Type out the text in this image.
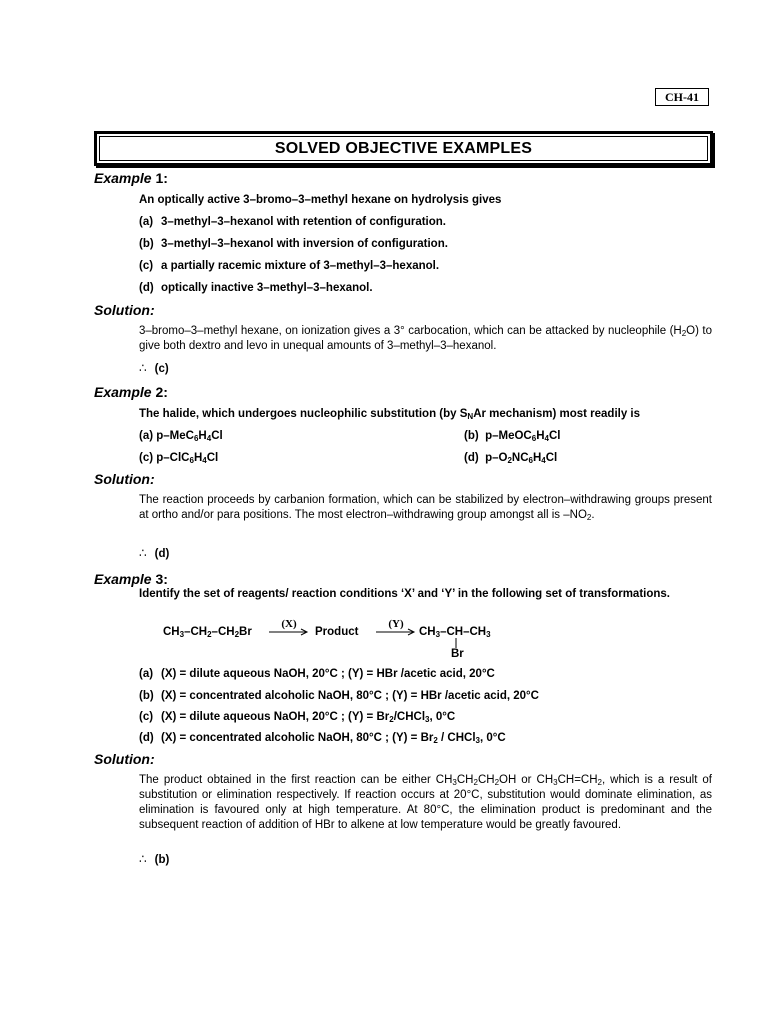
CH-41
SOLVED OBJECTIVE EXAMPLES
Example 1:
An optically active 3–bromo–3–methyl hexane on hydrolysis gives
(a) 3–methyl–3–hexanol with retention of configuration.
(b) 3–methyl–3–hexanol with inversion of configuration.
(c) a partially racemic mixture of 3–methyl–3–hexanol.
(d) optically inactive 3–methyl–3–hexanol.
Solution:
3–bromo–3–methyl hexane, on ionization gives a 3° carbocation, which can be attacked by nucleophile $(H_2O)$ to give both dextro and levo in unequal amounts of 3–methyl–3–hexanol.
∴ (c)
Example 2:
The halide, which undergoes nucleophilic substitution (by $S_NAr$ mechanism) most readily is
(a) $p-MeC_6H_4Cl$	(b) $p-MeOC_6H_4Cl$
(c) $p-ClC_6H_4Cl$	(d) $p-O_2NC_6H_4Cl$
Solution:
The reaction proceeds by carbanion formation, which can be stabilized by electron–withdrawing groups present at ortho and/or para positions. The most electron–withdrawing group amongst all is $-NO_2$.
∴ (d)
Example 3:
Identify the set of reagents/ reaction conditions ‘X’ and ‘Y’ in the following set of transformations.
$CH_3-CH_2-CH_2Br$
(X)
→ Product
(Y)
→ $CH_3-CH-CH_3$
Br
(a) (X) = dilute aqueous NaOH, 20°C ; (Y) = HBr /acetic acid, 20°C
(b) (X) = concentrated alcoholic NaOH, 80°C ; (Y) = HBr /acetic acid, 20°C
(c) (X) = dilute aqueous NaOH, 20°C ; $(Y) = Br_2/CHCl_3$, 0°C
(d) (X) = concentrated alcoholic NaOH, 80°C ; $(Y) = Br_2$ / CHCl$_3$, 0°C
Solution:
The product obtained in the first reaction can be either $CH_3CH_2CH_2OH$ or $CH_3CH=CH_2$, which is a result of substitution or elimination respectively. If reaction occurs at 20°C, substitution would dominate elimination, as elimination is favoured only at high temperature. At 80°C, the elimination product is predominant and the subsequent reaction of addition of HBr to alkene at low temperature would be greatly favoured.
∴ (b)
